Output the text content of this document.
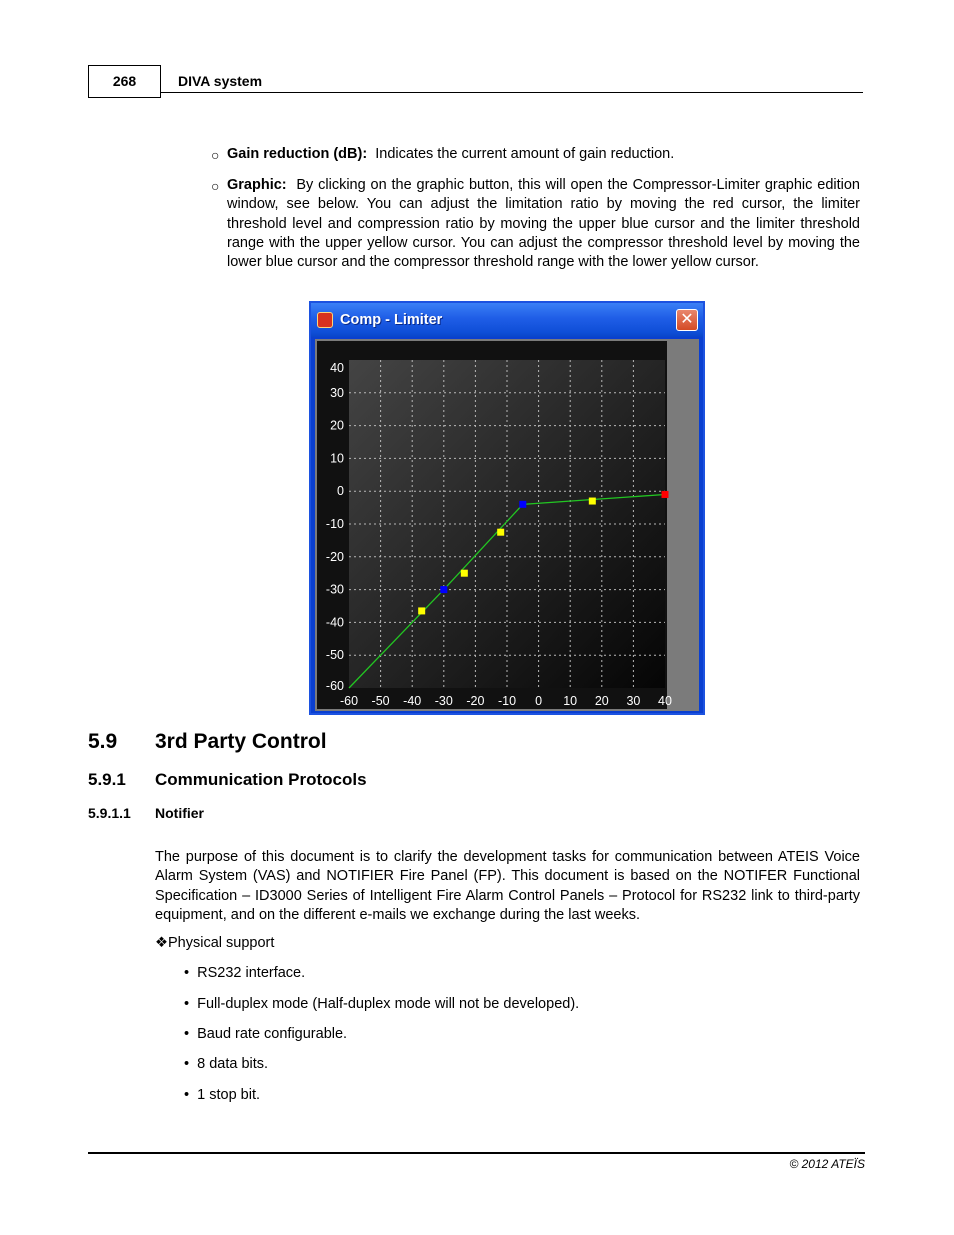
268	DIVA system
○ Gain reduction (dB): Indicates the current amount of gain reduction.
○ Graphic: By clicking on the graphic button, this will open the Compressor-Limiter graphic edition window, see below. You can adjust the limitation ratio by moving the red cursor, the limiter threshold level and compression ratio by moving the upper blue cursor and the limiter threshold range with the upper yellow cursor. You can adjust the compressor threshold level by moving the lower blue cursor and the compressor threshold range with the lower yellow cursor.
Comp - Limiter	✕
-60 -50 -40 -30 -20 -10 0 10 20 30 40
40
30
20
10
0
-10
-20
-30
-40
-50
-60
5.9 3rd Party Control
5.9.1 Communication Protocols
5.9.1.1 Notifier
The purpose of this document is to clarify the development tasks for communication between ATEIS Voice Alarm System (VAS) and NOTIFIER Fire Panel (FP). This document is based on the NOTIFER Functional Specification – ID3000 Series of Intelligent Fire Alarm Control Panels – Protocol for RS232 link to third-party equipment, and on the different e-mails we exchange during the last weeks.
❖Physical support
• RS232 interface.
• Full-duplex mode (Half-duplex mode will not be developed).
• Baud rate configurable.
• 8 data bits.
• 1 stop bit.
© 2012 ATEÏS
